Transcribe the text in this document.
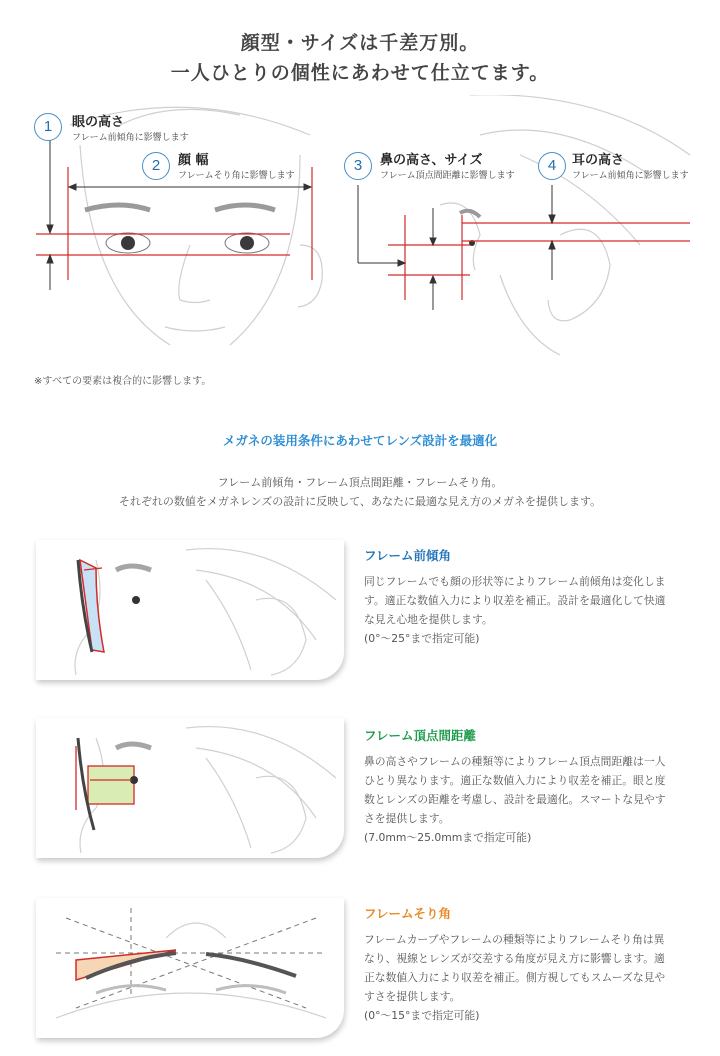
顔型・サイズは千差万別。
一人ひとりの個性にあわせて仕立てます。
1	眼の高さ
フレーム前傾角に影響します
2	顔 幅
フレームそり角に影響します
3	鼻の高さ、サイズ
フレーム頂点間距離に影響します
4	耳の高さ
フレーム前傾角に影響します
※すべての要素は複合的に影響します。
メガネの装用条件にあわせてレンズ設計を最適化
フレーム前傾角・フレーム頂点間距離・フレームそり角。
それぞれの数値をメガネレンズの設計に反映して、あなたに最適な見え方のメガネを提供します。
フレーム前傾角
同じフレームでも顔の形状等によりフレーム前傾角は変化しま
す。適正な数値入力により収差を補正。設計を最適化して快適
な見え心地を提供します。
(0°～25°まで指定可能)
フレーム頂点間距離
鼻の高さやフレームの種類等によりフレーム頂点間距離は一人
ひとり異なります。適正な数値入力により収差を補正。眼と度
数とレンズの距離を考慮し、設計を最適化。スマートな見やす
さを提供します。
(7.0mm～25.0mmまで指定可能)
フレームそり角
フレームカーブやフレームの種類等によりフレームそり角は異
なり、視線とレンズが交差する角度が見え方に影響します。適
正な数値入力により収差を補正。側方視してもスムーズな見や
すさを提供します。
(0°～15°まで指定可能)
